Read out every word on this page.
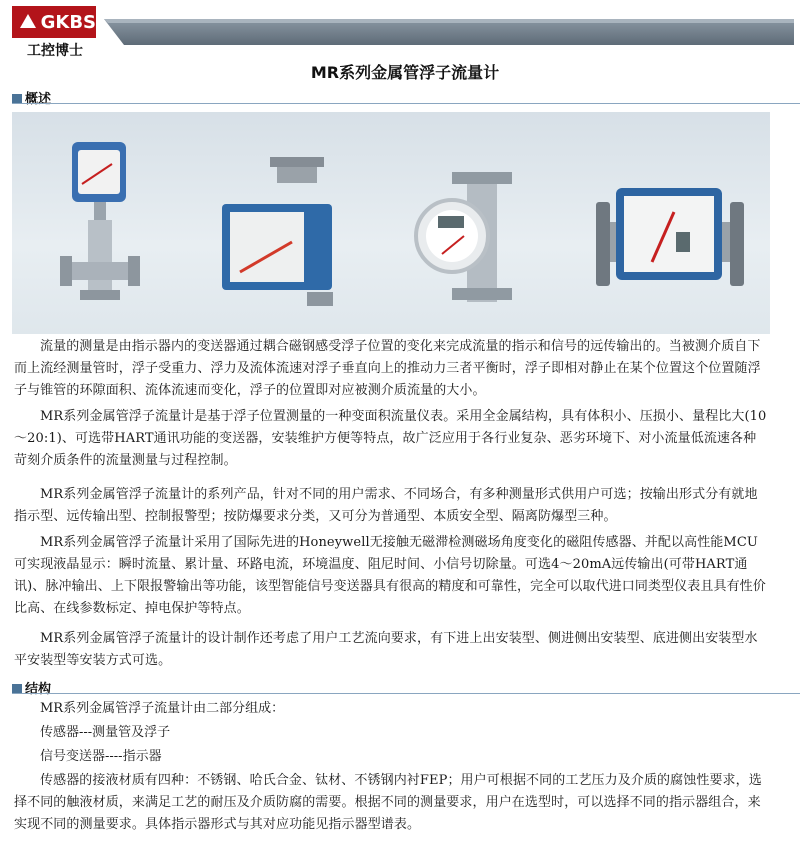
GKBS
工控博士
MR系列金属管浮子流量计
概述
流量的测量是由指示器内的变送器通过耦合磁钢感受浮子位置的变化来完成流量的指示和信号的远传输出的。当被测介质自下而上流经测量管时，浮子受重力、浮力及流体流速对浮子垂直向上的推动力三者平衡时，浮子即相对静止在某个位置这个位置随浮子与锥管的环隙面积、流体流速而变化，浮子的位置即对应被测介质流量的大小。
MR系列金属管浮子流量计是基于浮子位置测量的一种变面积流量仪表。采用全金属结构，具有体积小、压损小、量程比大(10～20:1)、可选带HART通讯功能的变送器，安装维护方便等特点，故广泛应用于各行业复杂、恶劣环境下、对小流量低流速各种苛刻介质条件的流量测量与过程控制。
MR系列金属管浮子流量计的系列产品，针对不同的用户需求、不同场合，有多种测量形式供用户可选；按输出形式分有就地指示型、远传输出型、控制报警型；按防爆要求分类，又可分为普通型、本质安全型、隔离防爆型三种。
MR系列金属管浮子流量计采用了国际先进的Honeywell无接触无磁滞检测磁场角度变化的磁阻传感器、并配以高性能MCU可实现液晶显示：瞬时流量、累计量、环路电流，环境温度、阻尼时间、小信号切除量。可选4～20mA远传输出(可带HART通讯)、脉冲输出、上下限报警输出等功能，该型智能信号变送器具有很高的精度和可靠性，完全可以取代进口同类型仪表且具有性价比高、在线参数标定、掉电保护等特点。
MR系列金属管浮子流量计的设计制作还考虑了用户工艺流向要求，有下进上出安装型、侧进侧出安装型、底进侧出安装型水平安装型等安装方式可选。
结构
MR系列金属管浮子流量计由二部分组成：
传感器---测量管及浮子
信号变送器----指示器
传感器的接液材质有四种：不锈钢、哈氏合金、钛材、不锈钢内衬FEP；用户可根据不同的工艺压力及介质的腐蚀性要求，选择不同的触液材质，来满足工艺的耐压及介质防腐的需要。根据不同的测量要求，用户在选型时，可以选择不同的指示器组合，来实现不同的测量要求。具体指示器形式与其对应功能见指示器型谱表。
